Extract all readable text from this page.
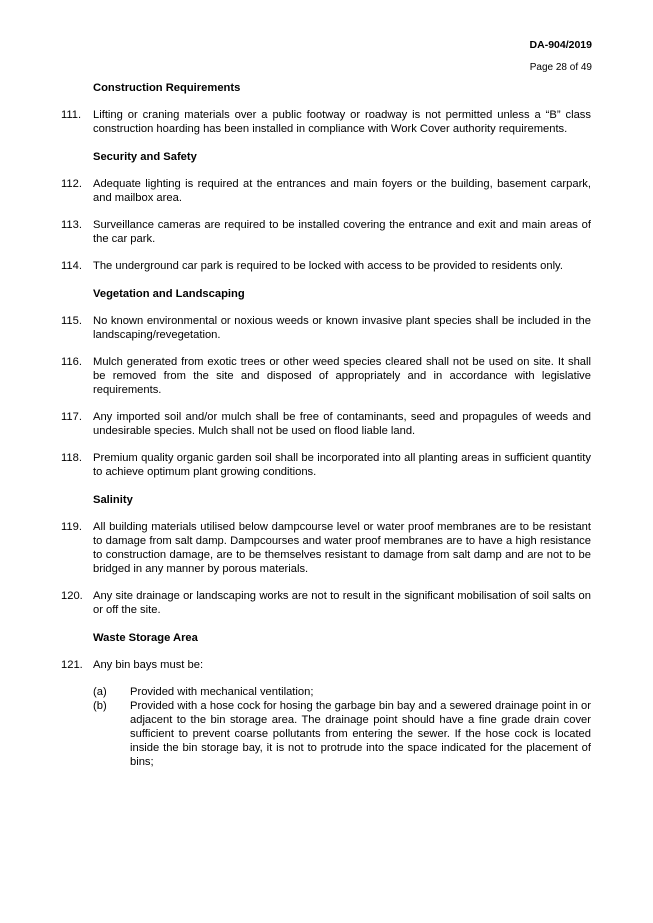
DA-904/2019
Page 28 of 49
Construction Requirements
111.	Lifting or craning materials over a public footway or roadway is not permitted unless a “B” class construction hoarding has been installed in compliance with Work Cover authority requirements.
Security and Safety
112. Adequate lighting is required at the entrances and main foyers or the building, basement carpark, and mailbox area.
113. Surveillance cameras are required to be installed covering the entrance and exit and main areas of the car park.
114. The underground car park is required to be locked with access to be provided to residents only.
Vegetation and Landscaping
115. No known environmental or noxious weeds or known invasive plant species shall be included in the landscaping/revegetation.
116. Mulch generated from exotic trees or other weed species cleared shall not be used on site. It shall be removed from the site and disposed of appropriately and in accordance with legislative requirements.
117. Any imported soil and/or mulch shall be free of contaminants, seed and propagules of weeds and undesirable species. Mulch shall not be used on flood liable land.
118. Premium quality organic garden soil shall be incorporated into all planting areas in sufficient quantity to achieve optimum plant growing conditions.
Salinity
119. All building materials utilised below dampcourse level or water proof membranes are to be resistant to damage from salt damp. Dampcourses and water proof membranes are to have a high resistance to construction damage, are to be themselves resistant to damage from salt damp and are not to be bridged in any manner by porous materials.
120. Any site drainage or landscaping works are not to result in the significant mobilisation of soil salts on or off the site.
Waste Storage Area
121. Any bin bays must be:
(a)	Provided with mechanical ventilation;
(b)	Provided with a hose cock for hosing the garbage bin bay and a sewered drainage point in or adjacent to the bin storage area. The drainage point should have a fine grade drain cover sufficient to prevent coarse pollutants from entering the sewer. If the hose cock is located inside the bin storage bay, it is not to protrude into the space indicated for the placement of bins;
